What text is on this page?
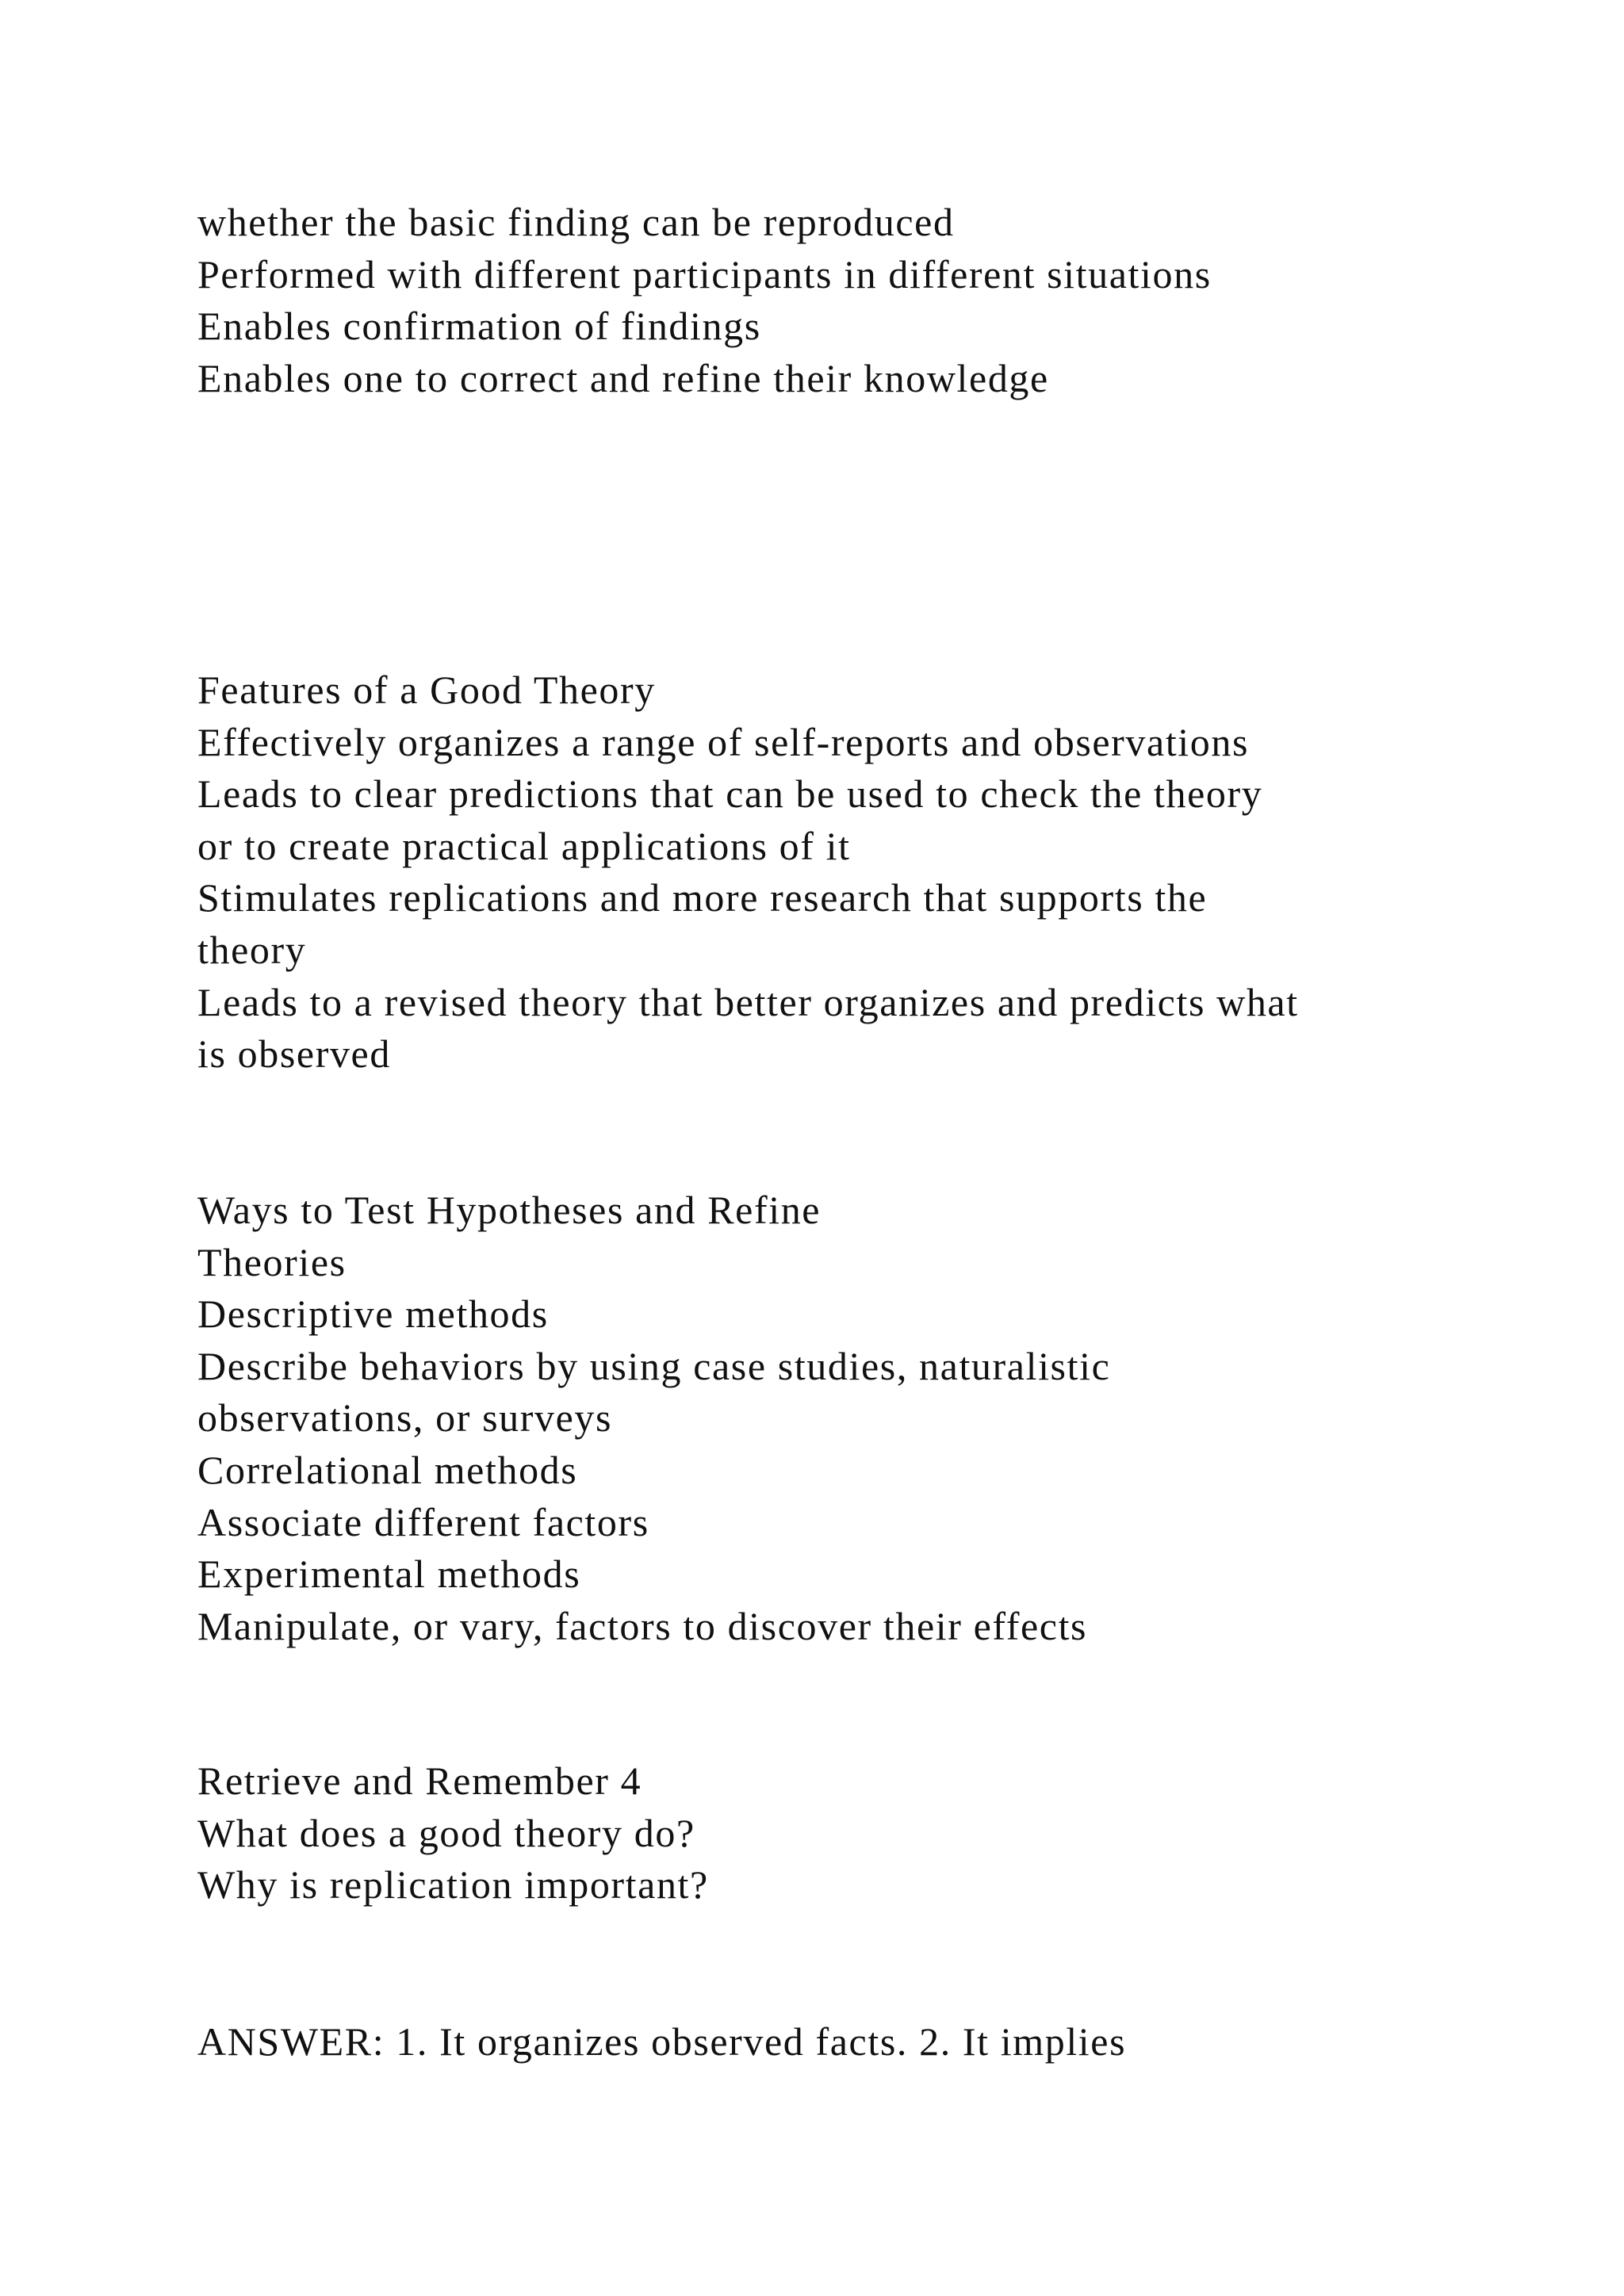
whether the basic finding can be reproduced
Performed with different participants in different situations
Enables confirmation of findings
Enables one to correct and refine their knowledge
Features of a Good Theory
Effectively organizes a range of self-reports and observations
Leads to clear predictions that can be used to check the theory
or to create practical applications of it
Stimulates replications and more research that supports the
theory
Leads to a revised theory that better organizes and predicts what
is observed
Ways to Test Hypotheses and Refine
Theories
Descriptive methods
Describe behaviors by using case studies, naturalistic
observations, or surveys
Correlational methods
Associate different factors
Experimental methods
Manipulate, or vary, factors to discover their effects
Retrieve and Remember 4
What does a good theory do?
Why is replication important?
ANSWER: 1. It organizes observed facts. 2. It implies
